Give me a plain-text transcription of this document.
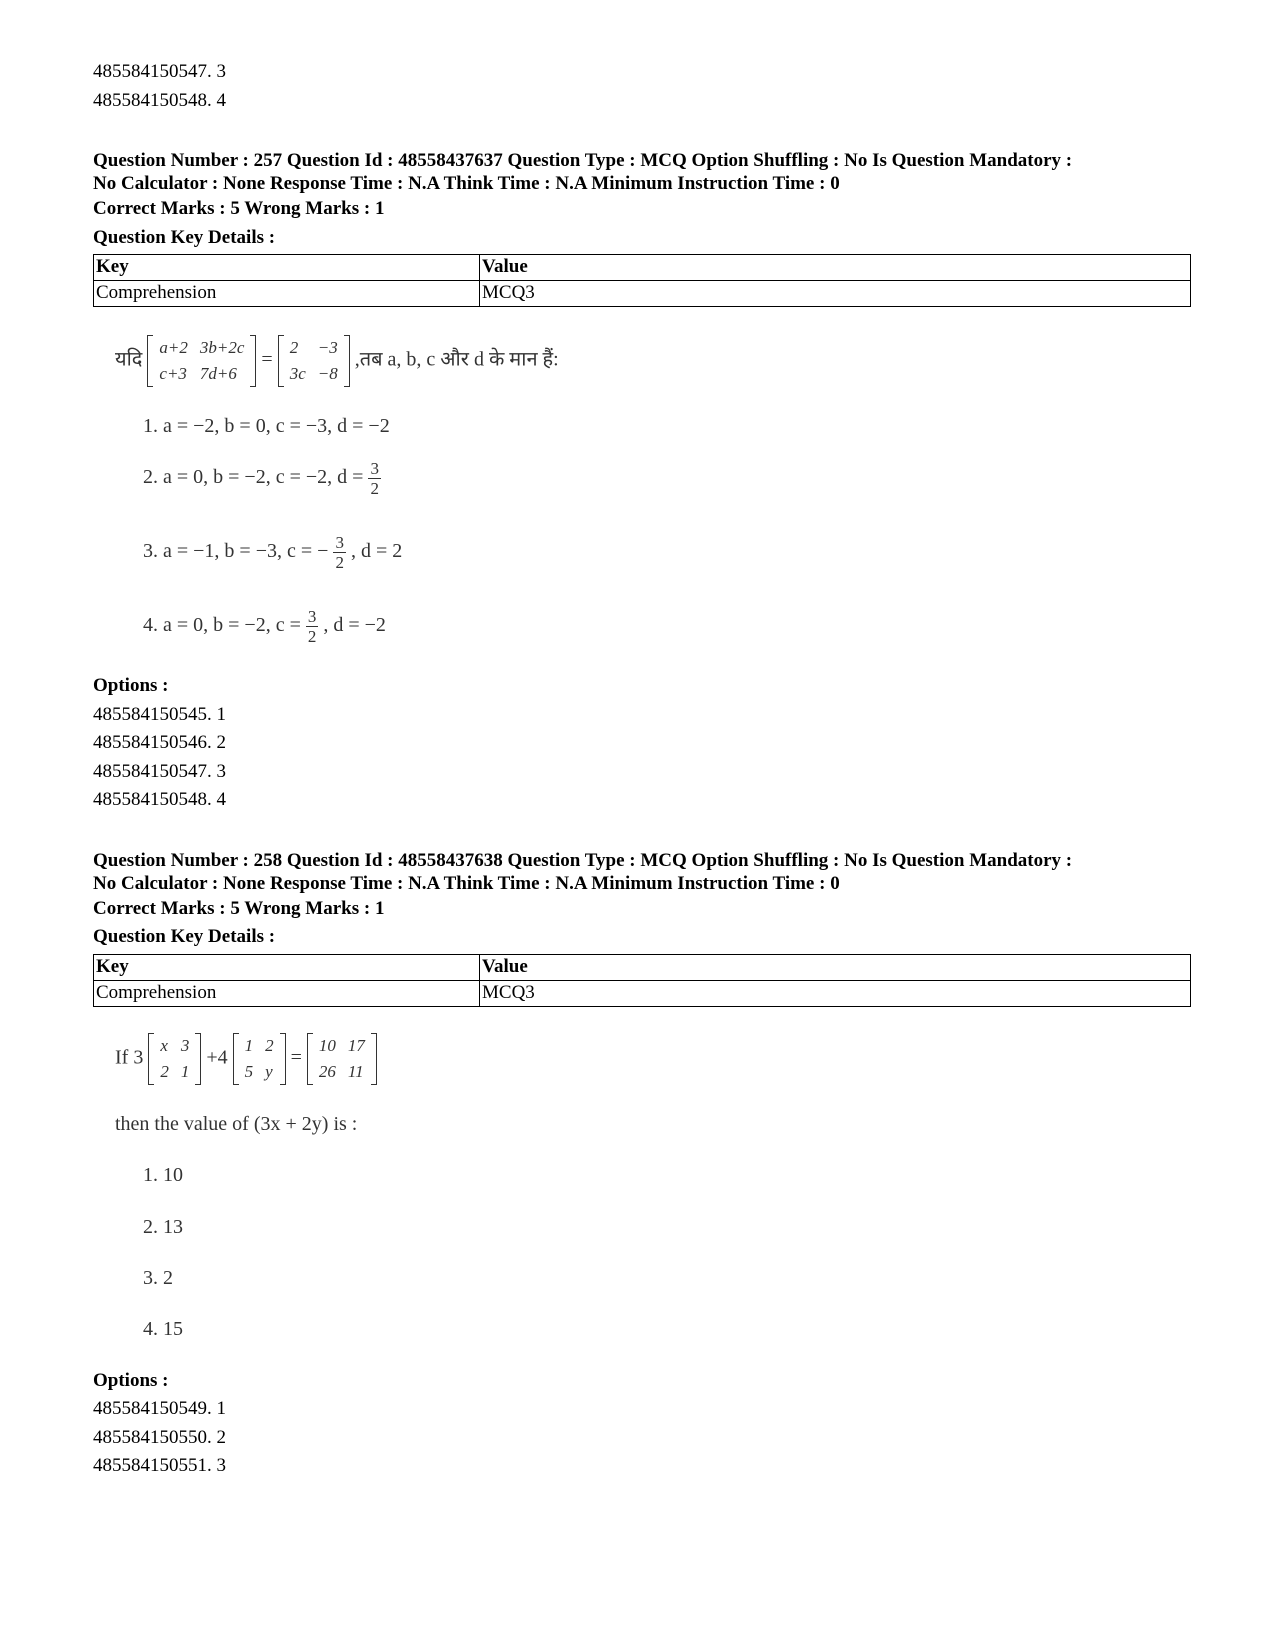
485584150547. 3
485584150548. 4
Question Number : 257 Question Id : 48558437637 Question Type : MCQ Option Shuffling : No Is Question Mandatory :
No Calculator : None Response Time : N.A Think Time : N.A Minimum Instruction Time : 0
Correct Marks : 5 Wrong Marks : 1
Question Key Details :
Key	Value
Comprehension	MCQ3
यदि
a+2	3b+2c
c+3	7d+6
=
2	−3
3c	−8
,तब a, b, c और d के मान हैं:
1. a = −2, b = 0, c = −3, d = −2
2. a = 0, b = −2, c = −2, $d = \frac{3}{2}$
3. a = −1, b = −3, c = − $\frac{3}{2}$ , d = 2
4. a = 0, b = −2, $c = \frac{3}{2}$ , d = −2
Options :
485584150545. 1
485584150546. 2
485584150547. 3
485584150548. 4
Question Number : 258 Question Id : 48558437638 Question Type : MCQ Option Shuffling : No Is Question Mandatory :
No Calculator : None Response Time : N.A Think Time : N.A Minimum Instruction Time : 0
Correct Marks : 5 Wrong Marks : 1
Question Key Details :
Key	Value
Comprehension	MCQ3
If 3
x	3
2	1
+4
1	2
5	y
=
10	17
26	11
then the value of (3x + 2y) is :
1. 10
2. 13
3. 2
4. 15
Options :
485584150549. 1
485584150550. 2
485584150551. 3
